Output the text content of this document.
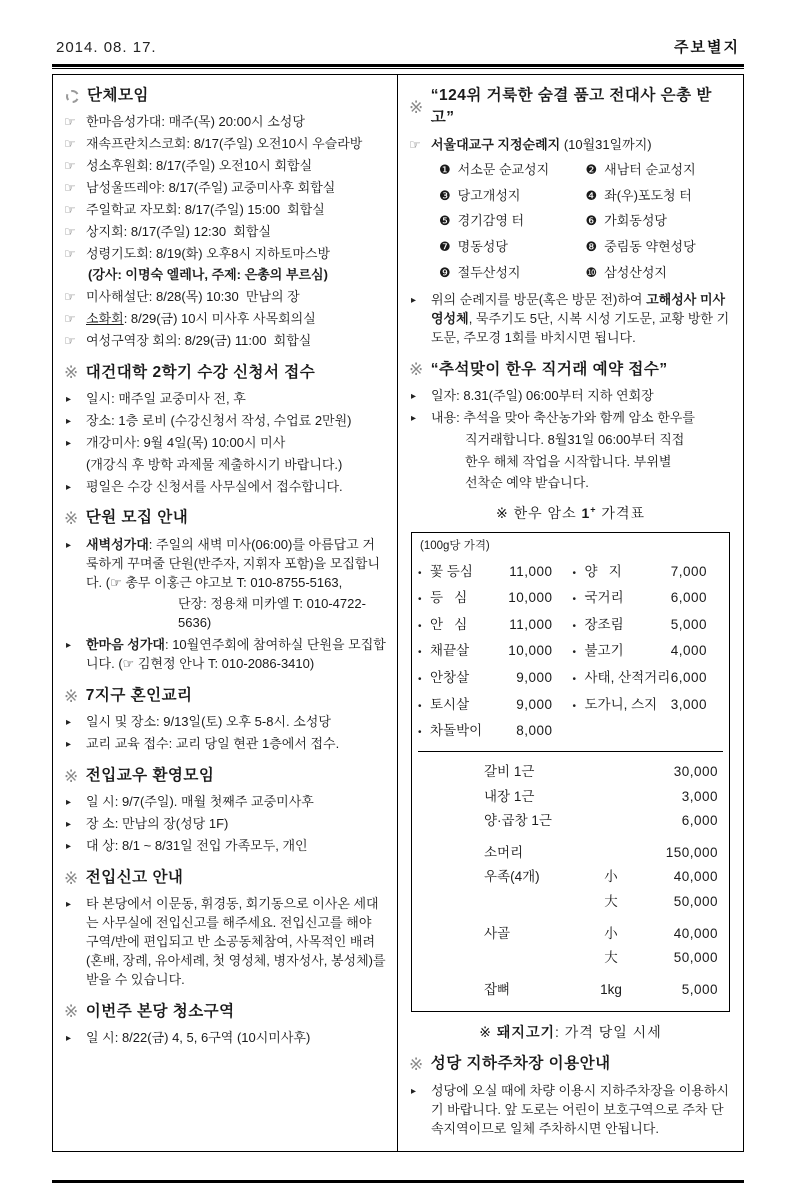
2014. 08. 17.	주보별지
단체모임
☞ 한마음성가대: 매주(목) 20:00시 소성당
☞ 재속프란치스코회: 8/17(주일) 오전10시 우슬라방
☞ 성소후원회: 8/17(주일) 오전10시 회합실
☞ 남성울뜨레야: 8/17(주일) 교중미사후 회합실
☞ 주일학교 자모회: 8/17(주일) 15:00  회합실
☞ 상지회: 8/17(주일) 12:30  회합실
☞ 성령기도회: 8/19(화) 오후8시 지하토마스방
(강사: 이명숙 엘레나, 주제: 은총의 부르심)
☞ 미사해설단: 8/28(목) 10:30  만남의 장
☞ 소화회: 8/29(금) 10시 미사후 사목회의실
☞ 여성구역장 회의: 8/29(금) 11:00  회합실
※ 대건대학 2학기 수강 신청서 접수
▸	일시: 매주일 교중미사 전, 후
▸	장소: 1층 로비 (수강신청서 작성, 수업료 2만원)
▸	개강미사: 9월 4일(목) 10:00시 미사
(개강식 후 방학 과제물 제출하시기 바랍니다.)
▸	평일은 수강 신청서를 사무실에서 접수합니다.
※ 단원 모집 안내
▸	새벽성가대: 주일의 새벽 미사(06:00)를 아름답고 거룩하게 꾸며줄 단원(반주자, 지휘자 포함)을 모집합니다. (☞ 총무 이홍근 야고보 T: 010-8755-5163,
단장: 정용채 미카엘 T: 010-4722-5636)
▸	한마음 성가대: 10월연주회에 참여하실 단원을 모집합니다. (☞ 김현정 안나 T: 010-2086-3410)
※ 7지구 혼인교리
▸	일시 및 장소: 9/13일(토) 오후 5-8시. 소성당
▸	교리 교육 접수: 교리 당일 현관 1층에서 접수.
※ 전입교우 환영모임
▸	일 시: 9/7(주일). 매월 첫째주 교중미사후
▸	장 소: 만남의 장(성당 1F)
▸	대 상: 8/1 ~ 8/31일 전입 가족모두, 개인
※ 전입신고 안내
▸	타 본당에서 이문동, 휘경동, 회기동으로 이사온 세대는 사무실에 전입신고를 해주세요. 전입신고를 해야 구역/반에 편입되고 반 소공동체참여, 사목적인 배려(혼배, 장례, 유아세례, 첫 영성체, 병자성사, 봉성체)를 받을 수 있습니다.
※ 이번주 본당 청소구역
▸	일 시: 8/22(금) 4, 5, 6구역 (10시미사후)
※
“124위 거룩한 숨결 품고 전대사 은총 받고”
☞ 서울대교구 지정순례지 (10월31일까지)
❶ 서소문 순교성지	❷ 새남터 순교성지
❸ 당고개성지	❹ 좌(우)포도청 터
❺ 경기감영 터	❻ 가회동성당
❼ 명동성당	❽ 중림동 약현성당
❾ 절두산성지	❿ 삼성산성지
▸	위의 순례지를 방문(혹은 방문 전)하여 고해성사 미사 영성체, 묵주기도 5단, 시복 시성 기도문, 교황 방한 기도문, 주모경 1회를 바치시면 됩니다.
※ “추석맞이 한우 직거래 예약 접수”
▸	일자: 8.31(주일) 06:00부터 지하 연회장
▸	내용: 추석을 맞아 축산농가와 함께 암소 한우를
직거래합니다. 8월31일 06:00부터 직접
한우 해체 작업을 시작합니다. 부위별
선착순 예약 받습니다.
※ 한우 암소 1+ 가격표
(100g당 가격)
• 꽃 등심	11,000	• 양   지	7,000
• 등   심	10,000	• 국거리	6,000
• 안   심	11,000	• 장조림	5,000
• 채끝살	10,000	• 불고기	4,000
• 안창살	9,000	• 사태, 산적거리 6,000
• 토시살	9,000	• 도가니, 스지 3,000
• 차돌박이	8,000
갈비 1근	30,000
내장 1근	3,000
양·곱창 1근	6,000
소머리	150,000
우족(4개)	小	40,000
大	50,000
사골	小	40,000
大	50,000
잡뼈	1kg	5,000
※ 돼지고기: 가격 당일 시세
※ 성당 지하주차장 이용안내
▸	성당에 오실 때에 차량 이용시 지하주차장을 이용하시기 바랍니다. 앞 도로는 어린이 보호구역으로 주차 단속지역이므로 일체 주차하시면 안됩니다.
